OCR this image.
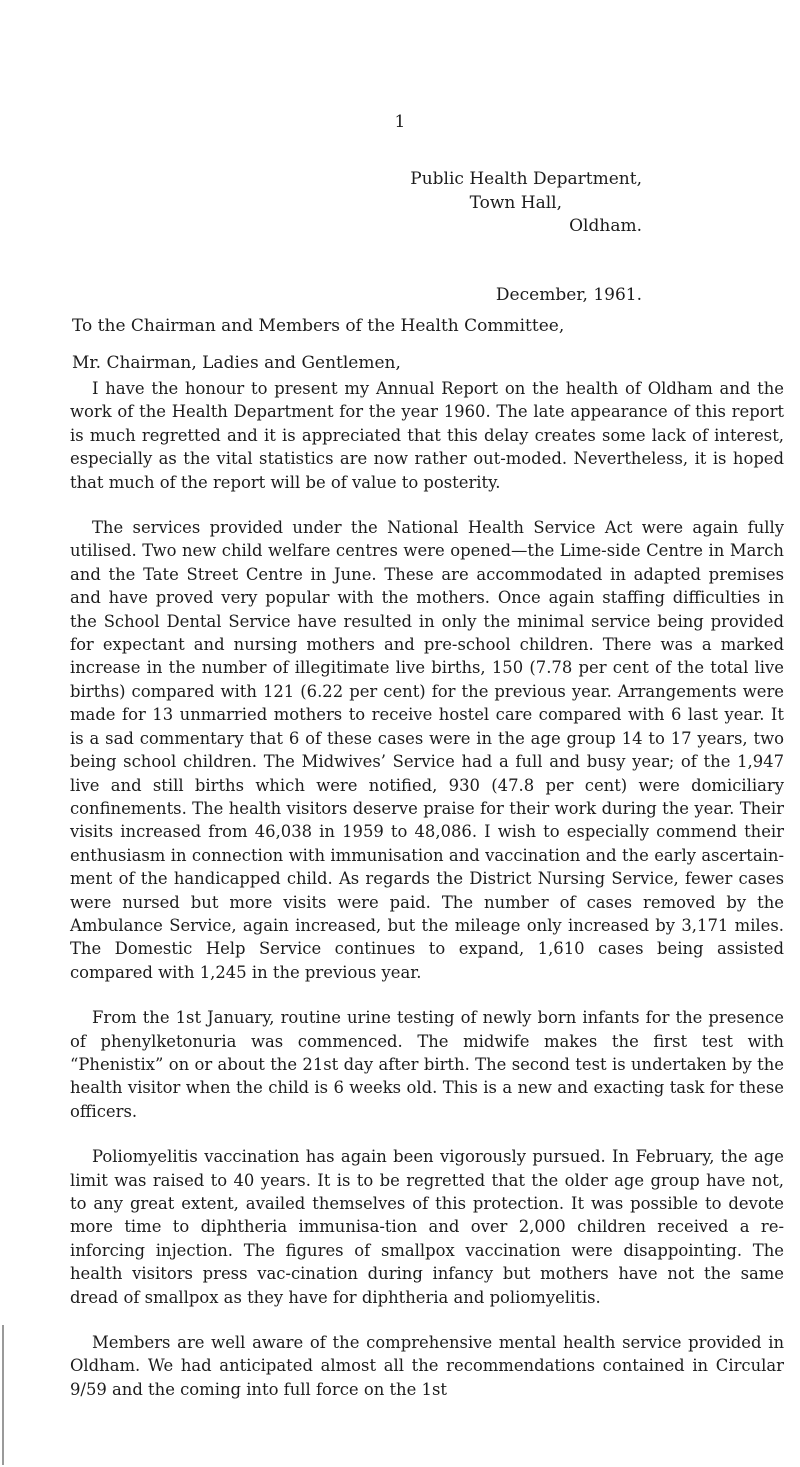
1
Public Health Department,
Town Hall,
Oldham.
December, 1961.

To the Chairman and Members of the Health Committee,

Mr. Chairman, Ladies and Gentlemen,

I have the honour to present my Annual Report on the health of Oldham and the work of the Health Department for the year 1960. The late appearance of this report is much regretted and it is appreciated that this delay creates some lack of interest, especially as the vital statistics are now rather out-moded. Nevertheless, it is hoped that much of the report will be of value to posterity.

The services provided under the National Health Service Act were again fully utilised. Two new child welfare centres were opened—the Lime-side Centre in March and the Tate Street Centre in June. These are accommodated in adapted premises and have proved very popular with the mothers. Once again staffing difficulties in the School Dental Service have resulted in only the minimal service being provided for expectant and nursing mothers and pre-school children. There was a marked increase in the number of illegitimate live births, 150 (7.78 per cent of the total live births) compared with 121 (6.22 per cent) for the previous year. Arrangements were made for 13 unmarried mothers to receive hostel care compared with 6 last year. It is a sad commentary that 6 of these cases were in the age group 14 to 17 years, two being school children. The Midwives’ Service had a full and busy year; of the 1,947 live and still births which were notified, 930 (47.8 per cent) were domiciliary confinements. The health visitors deserve praise for their work during the year. Their visits increased from 46,038 in 1959 to 48,086. I wish to especially commend their enthusiasm in connection with immunisation and vaccination and the early ascertain-ment of the handicapped child. As regards the District Nursing Service, fewer cases were nursed but more visits were paid. The number of cases removed by the Ambulance Service, again increased, but the mileage only increased by 3,171 miles. The Domestic Help Service continues to expand, 1,610 cases being assisted compared with 1,245 in the previous year.

From the 1st January, routine urine testing of newly born infants for the presence of phenylketonuria was commenced. The midwife makes the first test with “Phenistix” on or about the 21st day after birth. The second test is undertaken by the health visitor when the child is 6 weeks old. This is a new and exacting task for these officers.

Poliomyelitis vaccination has again been vigorously pursued. In February, the age limit was raised to 40 years. It is to be regretted that the older age group have not, to any great extent, availed themselves of this protection. It was possible to devote more time to diphtheria immunisa-tion and over 2,000 children received a re-inforcing injection. The figures of smallpox vaccination were disappointing. The health visitors press vac-cination during infancy but mothers have not the same dread of smallpox as they have for diphtheria and poliomyelitis.

Members are well aware of the comprehensive mental health service provided in Oldham. We had anticipated almost all the recommendations contained in Circular 9/59 and the coming into full force on the 1st
